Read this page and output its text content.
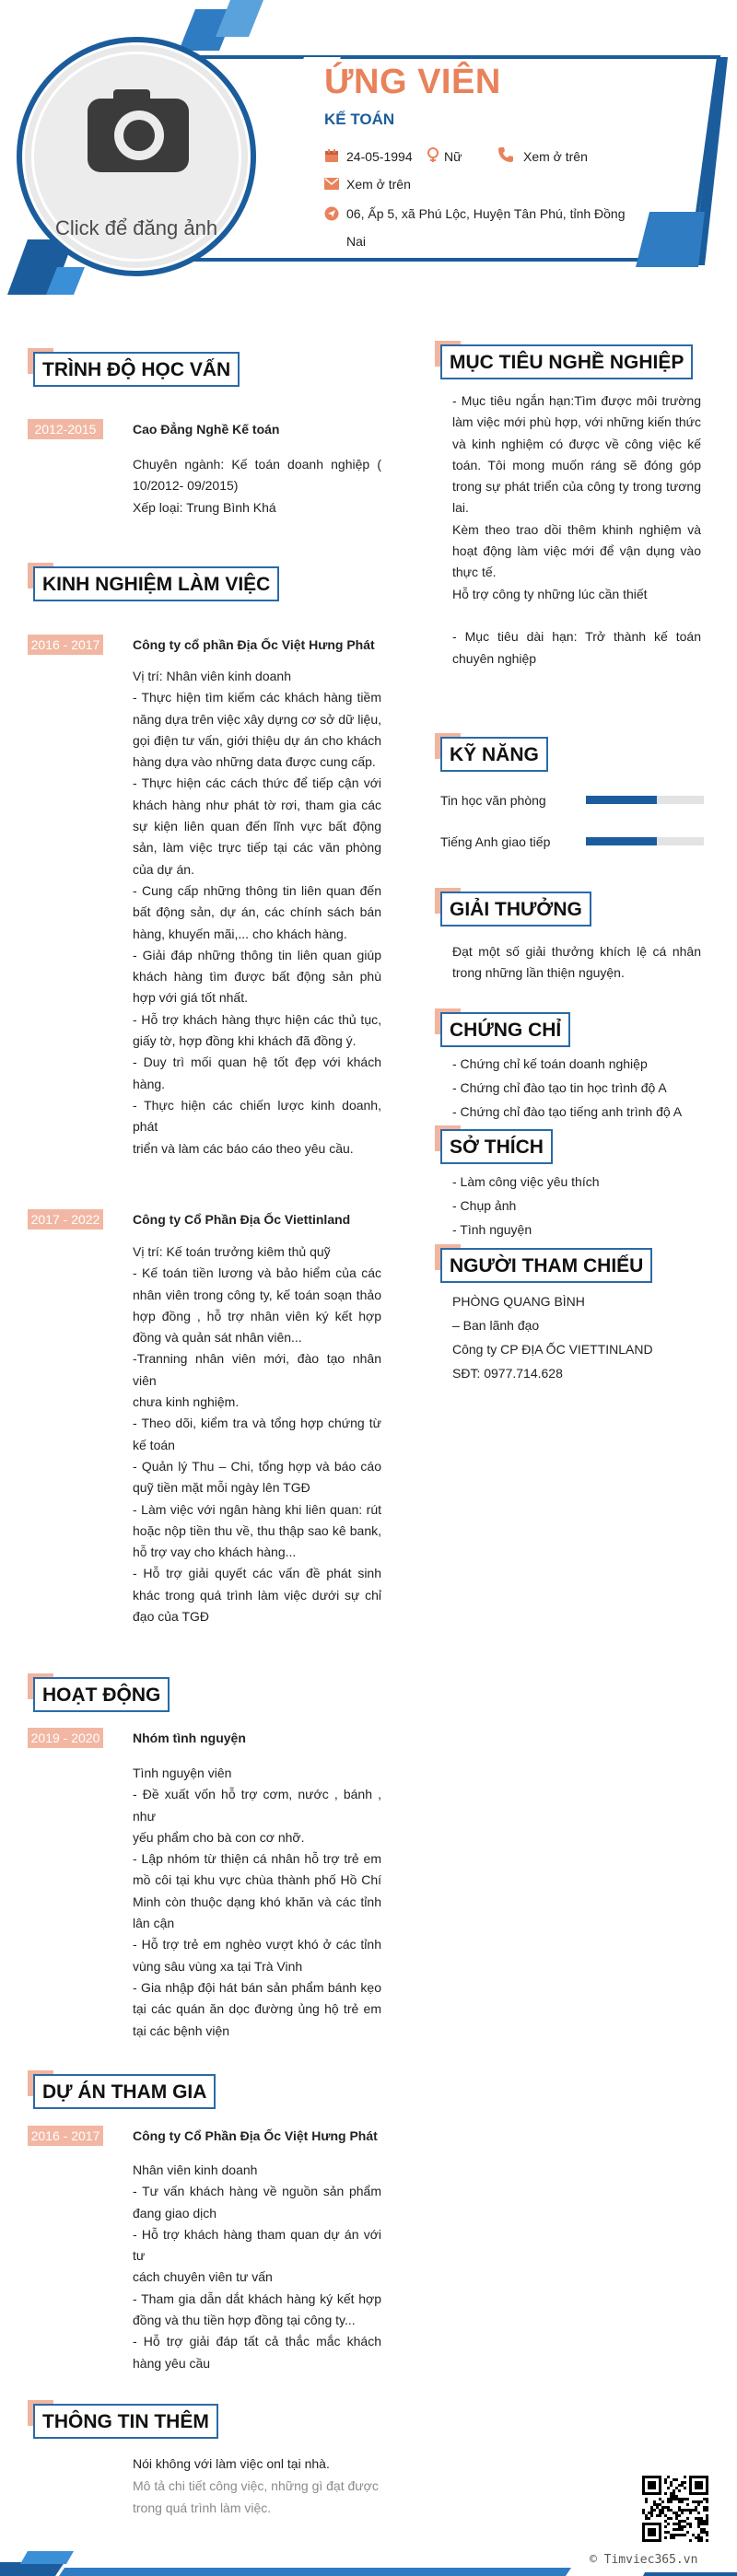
Click để đăng ảnh
ỨNG VIÊN
KẾ TOÁN
24-05-1994 Nữ	Xem ở trên
Xem ở trên
06, Ấp 5, xã Phú Lộc, Huyện Tân Phú, tỉnh Đồng
Nai
TRÌNH ĐỘ HỌC VẤN
2012-2015	Cao Đẳng Nghề Kế toán
Chuyên ngành: Kế toán doanh nghiệp (
10/2012- 09/2015)
Xếp loại: Trung Bình Khá
KINH NGHIỆM LÀM VIỆC
2016 - 2017	Công ty cổ phần Địa Ốc Việt Hưng Phát
Vị trí: Nhân viên kinh doanh
- Thực hiện tìm kiếm các khách hàng tiềm
năng dựa trên việc xây dựng cơ sở dữ liệu,
gọi điện tư vấn, giới thiệu dự án cho khách
hàng dựa vào những data được cung cấp.
- Thực hiện các cách thức để tiếp cận với
khách hàng như phát tờ rơi, tham gia các
sự kiện liên quan đến lĩnh vực bất động
sản, làm việc trực tiếp tại các văn phòng
của dự án.
- Cung cấp những thông tin liên quan đến
bất động sản, dự án, các chính sách bán
hàng, khuyến mãi,... cho khách hàng.
- Giải đáp những thông tin liên quan giúp
khách hàng tìm được bất động sản phù
hợp với giá tốt nhất.
- Hỗ trợ khách hàng thực hiện các thủ tục,
giấy tờ, hợp đồng khi khách đã đồng ý.
- Duy trì mối quan hệ tốt đẹp với khách
hàng.
- Thực hiện các chiến lược kinh doanh, phát
triển và làm các báo cáo theo yêu cầu.
2017 - 2022	Công ty Cổ Phần Địa Ốc Viettinland
Vị trí: Kế toán trưởng kiêm thủ quỹ
- Kế toán tiền lương và bảo hiểm của các
nhân viên trong công ty, kế toán soạn thảo
hợp đồng , hỗ trợ nhân viên ký kết hợp
đồng và quản sát nhân viên...
-Tranning nhân viên mới, đào tạo nhân viên
chưa kinh nghiệm.
- Theo dõi, kiểm tra và tổng hợp chứng từ
kế toán
- Quản lý Thu – Chi, tổng hợp và báo cáo
quỹ tiền mặt mỗi ngày lên TGĐ
- Làm việc với ngân hàng khi liên quan: rút
hoặc nộp tiền thu về, thu thập sao kê bank,
hỗ trợ vay cho khách hàng...
- Hỗ trợ giải quyết các vấn đề phát sinh
khác trong quá trình làm việc dưới sự chỉ
đạo của TGĐ
HOẠT ĐỘNG
2019 - 2020	Nhóm tình nguyện
Tình nguyện viên
- Đề xuất vốn hỗ trợ cơm, nước , bánh , như
yếu phẩm cho bà con cơ nhỡ.
- Lập nhóm từ thiện cá nhân hỗ trợ trẻ em
mồ côi tại khu vực chùa thành phố Hồ Chí
Minh còn thuộc dạng khó khăn và các tỉnh
lân cận
- Hỗ trợ trẻ em nghèo vượt khó ở các tỉnh
vùng sâu vùng xa tại Trà Vinh
- Gia nhập đội hát bán sản phẩm bánh kẹo
tại các quán ăn dọc đường ủng hộ trẻ em
tại các bệnh viện
DỰ ÁN THAM GIA
2016 - 2017	Công ty Cổ Phần Địa Ốc Việt Hưng Phát
Nhân viên kinh doanh
- Tư vấn khách hàng về nguồn sản phẩm
đang giao dịch
- Hỗ trợ khách hàng tham quan dự án với tư
cách chuyên viên tư vấn
- Tham gia dẫn dắt khách hàng ký kết hợp
đồng và thu tiền hợp đồng tại công ty...
- Hỗ trợ giải đáp tất cả thắc mắc khách
hàng yêu cầu
THÔNG TIN THÊM
Nói không với làm việc onl tại nhà.
Mô tả chi tiết công việc, những gì đạt được
trong quá trình làm việc.
MỤC TIÊU NGHỀ NGHIỆP
- Mục tiêu ngắn hạn:Tìm được môi trường
làm việc mới phù hợp, với những kiến thức
và kinh nghiệm có được về công việc kế
toán. Tôi mong muốn ráng sẽ đóng góp
trong sự phát triển của công ty trong tương
lai.
Kèm theo trao dồi thêm khinh nghiệm và
hoạt động làm việc mới để vận dụng vào
thực tế.
Hỗ trợ công ty những lúc cần thiết

- Mục tiêu dài hạn: Trở thành kế toán
chuyên nghiệp
KỸ NĂNG
Tin học văn phòng
Tiếng Anh giao tiếp
GIẢI THƯỞNG
Đạt một số giải thưởng khích lệ cá nhân
trong những lần thiện nguyện.
CHỨNG CHỈ
- Chứng chỉ kế toán doanh nghiệp
- Chứng chỉ đào tạo tin học trình độ A
- Chứng chỉ đào tạo tiếng anh trình độ A
SỞ THÍCH
- Làm công việc yêu thích
- Chụp ảnh
- Tình nguyện
NGƯỜI THAM CHIẾU
PHÒNG QUANG BÌNH
– Ban lãnh đạo
Công ty CP ĐỊA ỐC VIETTINLAND
SĐT: 0977.714.628
© Timviec365.vn
